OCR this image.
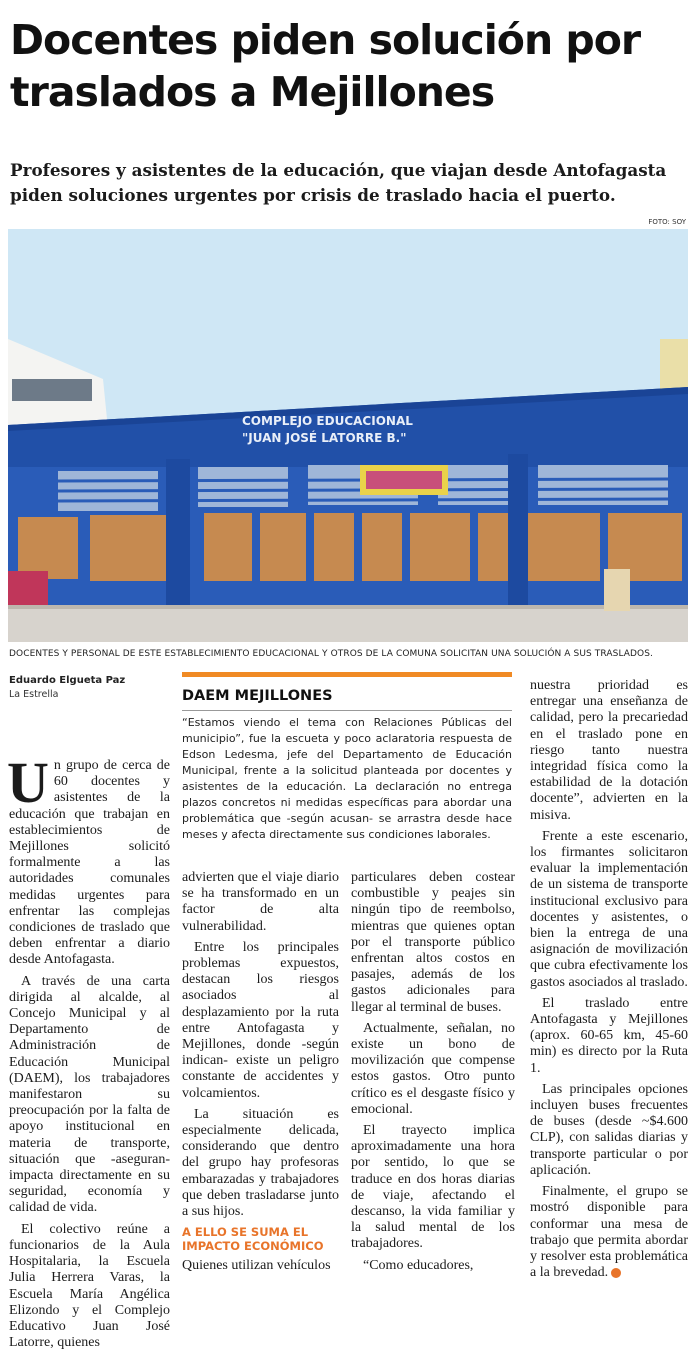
Docentes piden solución por traslados a Mejillones

Profesores y asistentes de la educación, que viajan desde Antofagasta piden soluciones urgentes por crisis de traslado hacia el puerto.

FOTO: SOY
COMPLEJO EDUCACIONAL
"JUAN JOSÉ LATORRE B."
DOCENTES Y PERSONAL DE ESTE ESTABLECIMIENTO EDUCACIONAL Y OTROS DE LA COMUNA SOLICITAN UNA SOLUCIÓN A SUS TRASLADOS.
Eduardo Elgueta Paz
La Estrella	DAEM MEJILLONES

“Estamos viendo el tema con Relaciones Públicas del municipio”, fue la escueta y poco aclaratoria respuesta de Edson Ledesma, jefe del Departamento de Educación Municipal, frente a la solicitud planteada por docentes y asistentes de la educación. La declaración no entrega plazos concretos ni medidas específicas para abordar una problemática que -según acusan- se arrastra desde hace meses y afecta directamente sus condiciones laborales.

Un grupo de cerca de 60 docentes y asistentes de la educación que trabajan en establecimientos de Mejillones solicitó formalmente a las autoridades comunales medidas urgentes para enfrentar las complejas condiciones de traslado que deben enfrentar a diario desde Antofagasta.

A través de una carta dirigida al alcalde, al Concejo Municipal y al Departamento de Administración de Educación Municipal (DAEM), los trabajadores manifestaron su preocupación por la falta de apoyo institucional en materia de transporte, situación que -aseguran- impacta directamente en su seguridad, economía y calidad de vida.

El colectivo reúne a funcionarios de la Aula Hospitalaria, la Escuela Julia Herrera Varas, la Escuela María Angélica Elizondo y el Complejo Educativo Juan José Latorre, quienes

advierten que el viaje diario se ha transformado en un factor de alta vulnerabilidad.

Entre los principales problemas expuestos, destacan los riesgos asociados al desplazamiento por la ruta entre Antofagasta y Mejillones, donde -según indican- existe un peligro constante de accidentes y volcamientos.

La situación es especialmente delicada, considerando que dentro del grupo hay profesoras embarazadas y trabajadores que deben trasladarse junto a sus hijos.

A ELLO SE SUMA EL IMPACTO ECONÓMICO

Quienes utilizan vehículos

particulares deben costear combustible y peajes sin ningún tipo de reembolso, mientras que quienes optan por el transporte público enfrentan altos costos en pasajes, además de los gastos adicionales para llegar al terminal de buses.

Actualmente, señalan, no existe un bono de movilización que compense estos gastos. Otro punto crítico es el desgaste físico y emocional.

El trayecto implica aproximadamente una hora por sentido, lo que se traduce en dos horas diarias de viaje, afectando el descanso, la vida familiar y la salud mental de los trabajadores.

“Como educadores,

nuestra prioridad es entregar una enseñanza de calidad, pero la precariedad en el traslado pone en riesgo tanto nuestra integridad física como la estabilidad de la dotación docente”, advierten en la misiva.

Frente a este escenario, los firmantes solicitaron evaluar la implementación de un sistema de transporte institucional exclusivo para docentes y asistentes, o bien la entrega de una asignación de movilización que cubra efectivamente los gastos asociados al traslado.

El traslado entre Antofagasta y Mejillones (aprox. 60-65 km, 45-60 min) es directo por la Ruta 1.

Las principales opciones incluyen buses frecuentes de buses (desde ~$4.600 CLP), con salidas diarias y transporte particular o por aplicación.

Finalmente, el grupo se mostró disponible para conformar una mesa de trabajo que permita abordar y resolver esta problemática a la brevedad. ✪
